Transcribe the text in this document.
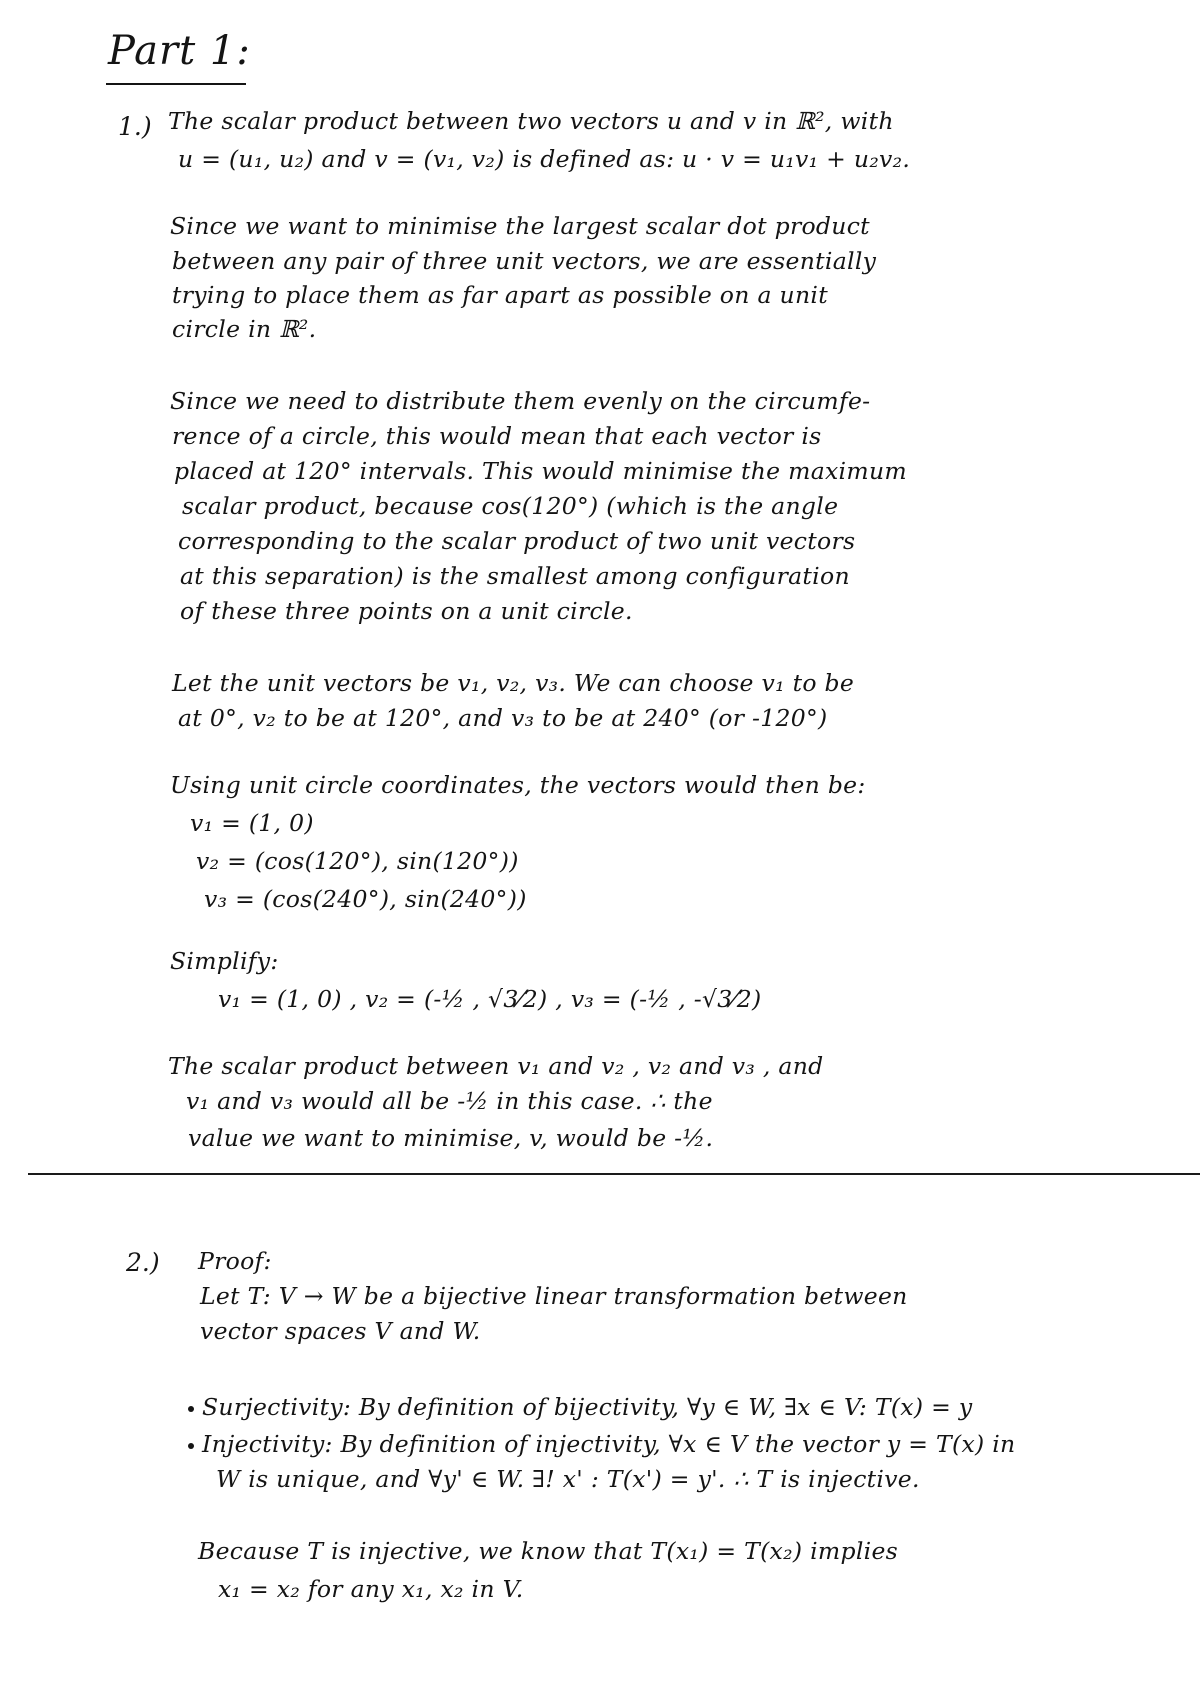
Part 1:
1.) The scalar product between two vectors u and v in ℝ², with
u = (u₁, u₂) and v = (v₁, v₂) is defined as: u · v = u₁v₁ + u₂v₂.
Since we want to minimise the largest scalar dot product
between any pair of three unit vectors, we are essentially
trying to place them as far apart as possible on a unit
circle in ℝ².
Since we need to distribute them evenly on the circumfe-
rence of a circle, this would mean that each vector is
placed at 120° intervals. This would minimise the maximum
scalar product, because cos(120°) (which is the angle
corresponding to the scalar product of two unit vectors
at this separation) is the smallest among configuration
of these three points on a unit circle.
Let the unit vectors be v₁, v₂, v₃. We can choose v₁ to be
at 0°, v₂ to be at 120°, and v₃ to be at 240° (or -120°)
Using unit circle coordinates, the vectors would then be:
v₁ = (1, 0)
v₂ = (cos(120°), sin(120°))
v₃ = (cos(240°), sin(240°))
Simplify:
v₁ = (1, 0) , v₂ = (-½ , √3⁄2) , v₃ = (-½ , -√3⁄2)
The scalar product between v₁ and v₂ , v₂ and v₃ , and
v₁ and v₃ would all be -½ in this case. ∴ the
value we want to minimise, v, would be -½.
2.) Proof:
Let T: V → W be a bijective linear transformation between
vector spaces V and W.
Surjectivity: By definition of bijectivity, ∀y ∈ W, ∃x ∈ V: T(x) = y
Injectivity: By definition of injectivity, ∀x ∈ V the vector y = T(x) in
W is unique, and ∀y' ∈ W. ∃! x' : T(x') = y'. ∴ T is injective.
Because T is injective, we know that T(x₁) = T(x₂) implies
x₁ = x₂ for any x₁, x₂ in V.
